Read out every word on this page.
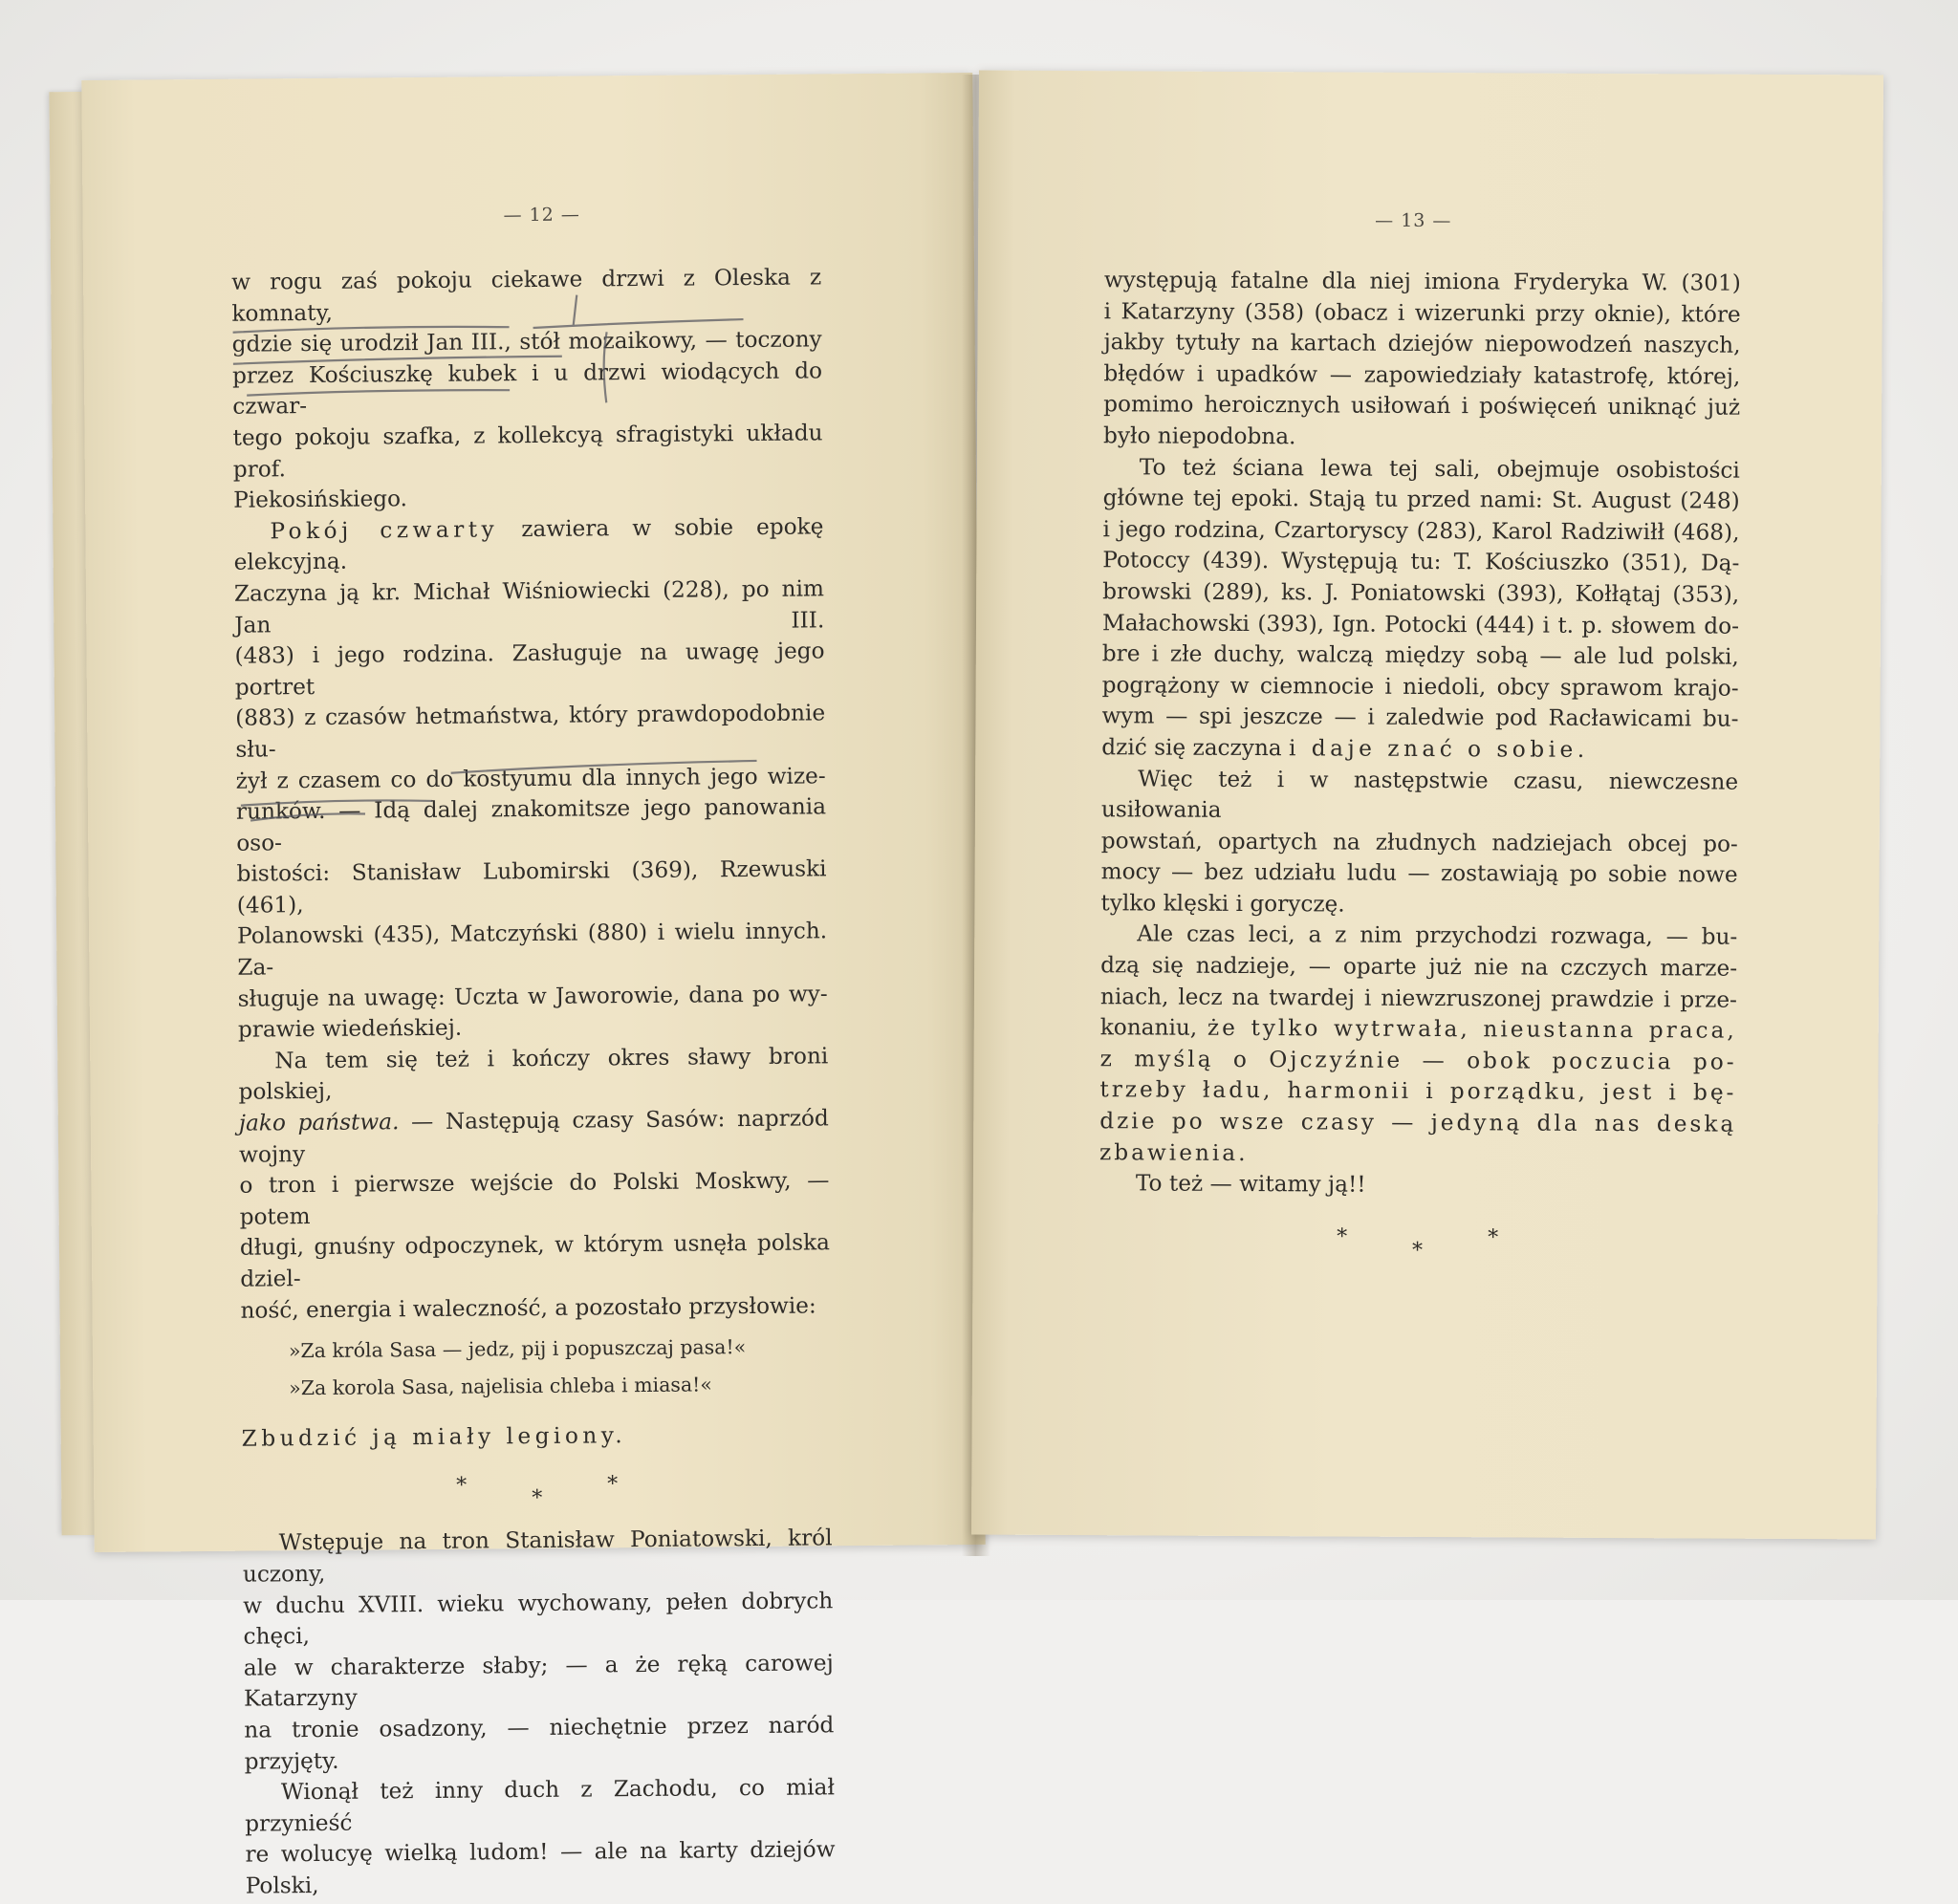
— 12 —

w rogu zaś pokoju ciekawe drzwi z Oleska z komnaty,

gdzie się urodził Jan III., stół mozaikowy, — toczony

przez Kościuszkę kubek i u drzwi wiodących do czwar-

tego pokoju szafka, z kollekcyą sfragistyki układu prof.

Piekosińskiego.

Pokój czwarty zawiera w sobie epokę elekcyjną.

Zaczyna ją kr. Michał Wiśniowiecki (228), po nim Jan III.

(483) i jego rodzina. Zasługuje na uwagę jego portret

(883) z czasów hetmaństwa, który prawdopodobnie słu-

żył z czasem co do kostyumu dla innych jego wize-

runków. — Idą dalej znakomitsze jego panowania oso-

bistości: Stanisław Lubomirski (369), Rzewuski (461),

Polanowski (435), Matczyński (880) i wielu innych. Za-

sługuje na uwagę: Uczta w Jaworowie, dana po wy-

prawie wiedeńskiej.

Na tem się też i kończy okres sławy broni polskiej,

jako państwa. — Następują czasy Sasów: naprzód wojny

o tron i pierwsze wejście do Polski Moskwy, — potem

długi, gnuśny odpoczynek, w którym usnęła polska dziel-

ność, energia i waleczność, a pozostało przysłowie:

»Za króla Sasa — jedz, pij i popuszczaj pasa!«

»Za korola Sasa, najelisia chleba i miasa!«

Zbudzić ją miały legiony.

***

Wstępuje na tron Stanisław Poniatowski, król uczony,

w duchu XVIII. wieku wychowany, pełen dobrych chęci,

ale w charakterze słaby; — a że ręką carowej Katarzyny

na tronie osadzony, — niechętnie przez naród przyjęty.

Wionął też inny duch z Zachodu, co miał przynieść

re wolucyę wielką ludom! — ale na karty dziejów Polski,

— 13 —

występują fatalne dla niej imiona Fryderyka W. (301)

i Katarzyny (358) (obacz i wizerunki przy oknie), które

jakby tytuły na kartach dziejów niepowodzeń naszych,

błędów i upadków — zapowiedziały katastrofę, której,

pomimo heroicznych usiłowań i poświęceń uniknąć już

było niepodobna.

To też ściana lewa tej sali, obejmuje osobistości

główne tej epoki. Stają tu przed nami: St. August (248)

i jego rodzina, Czartoryscy (283), Karol Radziwiłł (468),

Potoccy (439). Występują tu: T. Kościuszko (351), Dą-

browski (289), ks. J. Poniatowski (393), Kołłątaj (353),

Małachowski (393), Ign. Potocki (444) i t. p. słowem do-

bre i złe duchy, walczą między sobą — ale lud polski,

pogrążony w ciemnocie i niedoli, obcy sprawom krajo-

wym — spi jeszcze — i zaledwie pod Racławicami bu-

dzić się zaczyna i daje znać o sobie.

Więc też i w następstwie czasu, niewczesne usiłowania

powstań, opartych na złudnych nadziejach obcej po-

mocy — bez udziału ludu — zostawiają po sobie nowe

tylko klęski i goryczę.

Ale czas leci, a z nim przychodzi rozwaga, — bu-

dzą się nadzieje, — oparte już nie na czczych marze-

niach, lecz na twardej i niewzruszonej prawdzie i prze-

konaniu, że tylko wytrwała, nieustanna praca,

z myślą o Ojczyźnie — obok poczucia po-

trzeby ładu, harmonii i porządku, jest i bę-

dzie po wsze czasy — jedyną dla nas deską

zbawienia.

To też — witamy ją!!

***
